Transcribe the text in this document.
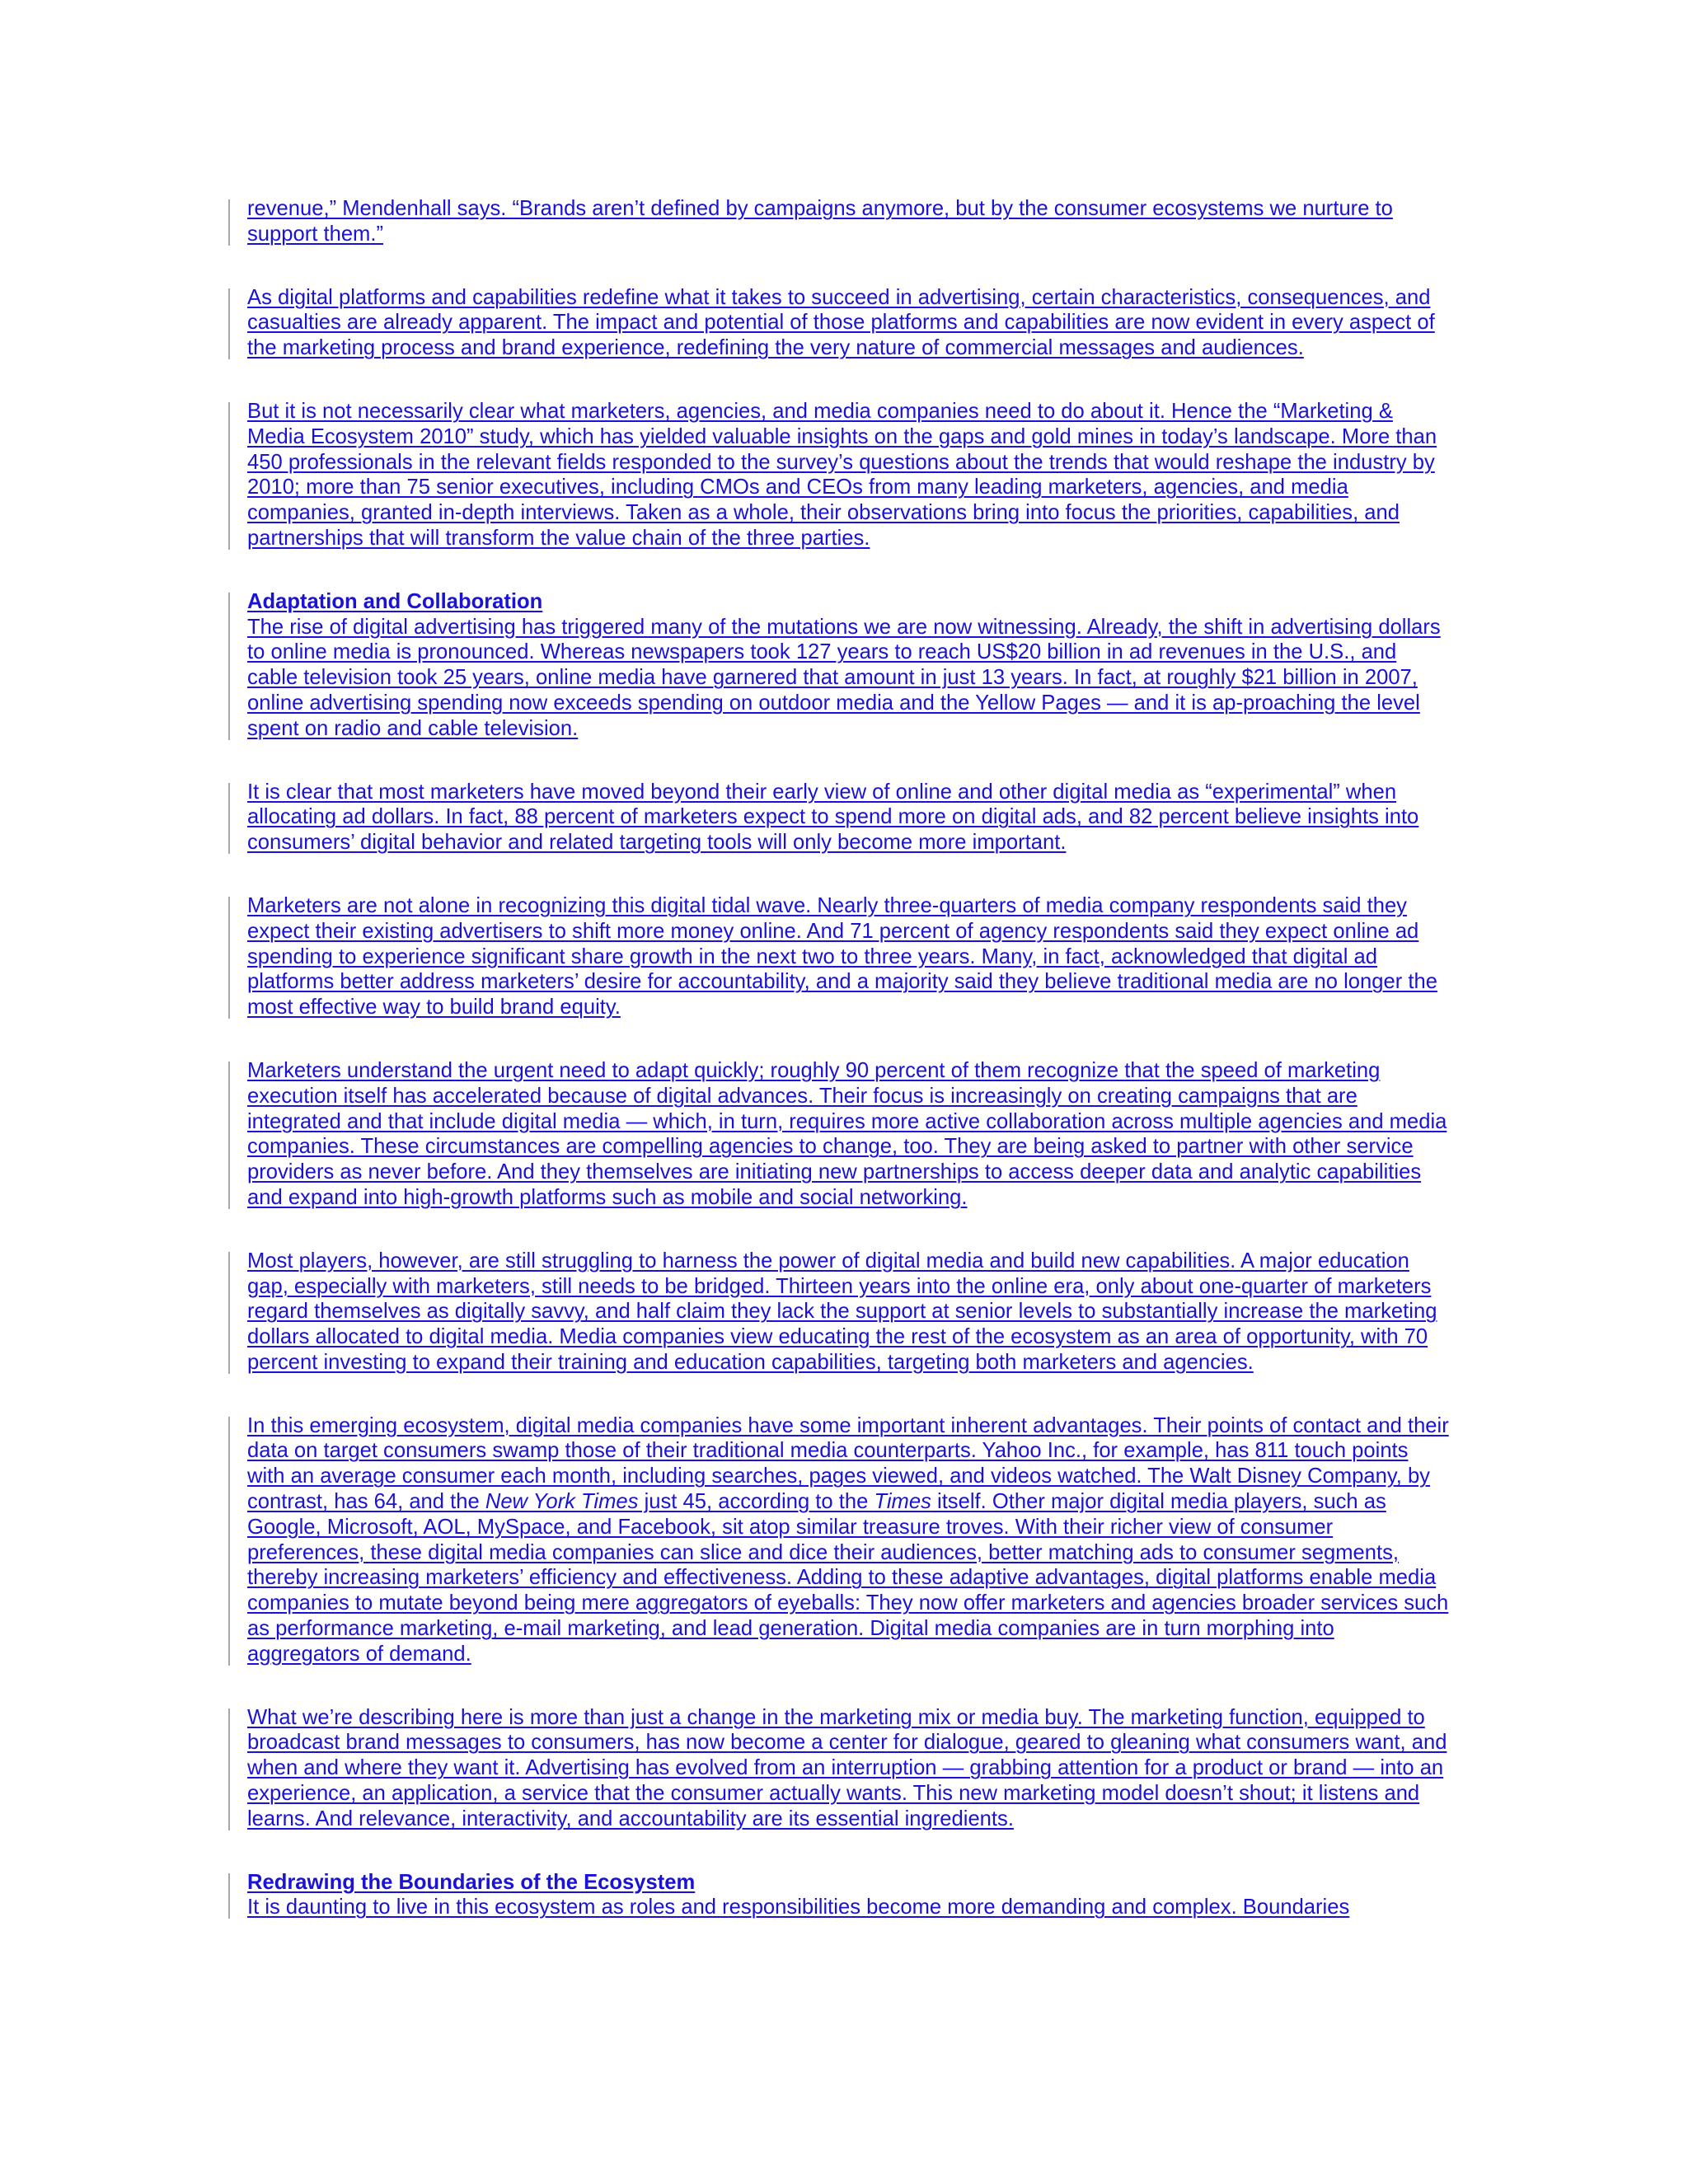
revenue,” Mendenhall says. “Brands aren’t defined by campaigns anymore, but by the consumer ecosystems we nurture to support them.”

As digital platforms and capabilities redefine what it takes to succeed in advertising, certain characteristics, consequences, and casualties are already apparent. The impact and potential of those platforms and capabilities are now evident in every aspect of the marketing process and brand experience, redefining the very nature of commercial messages and audiences.

But it is not necessarily clear what marketers, agencies, and media companies need to do about it. Hence the “Marketing & Media Ecosystem 2010” study, which has yielded valuable insights on the gaps and gold mines in today’s landscape. More than 450 professionals in the relevant fields responded to the survey’s questions about the trends that would reshape the industry by 2010; more than 75 senior executives, including CMOs and CEOs from many leading marketers, agencies, and media companies, granted in-depth interviews. Taken as a whole, their observations bring into focus the priorities, capabilities, and partnerships that will transform the value chain of the three parties.

Adaptation and Collaboration

The rise of digital advertising has triggered many of the mutations we are now witnessing. Already, the shift in advertising dollars to online media is pronounced. Whereas newspapers took 127 years to reach US$20 billion in ad revenues in the U.S., and cable television took 25 years, online media have garnered that amount in just 13 years. In fact, at roughly $21 billion in 2007, online advertising spending now exceeds spending on outdoor media and the Yellow Pages — and it is ap-proaching the level spent on radio and cable television.

It is clear that most marketers have moved beyond their early view of online and other digital media as “experimental” when allocating ad dollars. In fact, 88 percent of marketers expect to spend more on digital ads, and 82 percent believe insights into consumers’ digital behavior and related targeting tools will only become more important.

Marketers are not alone in recognizing this digital tidal wave. Nearly three-quarters of media company respondents said they expect their existing advertisers to shift more money online. And 71 percent of agency respondents said they expect online ad spending to experience significant share growth in the next two to three years. Many, in fact, acknowledged that digital ad platforms better address marketers’ desire for accountability, and a majority said they believe traditional media are no longer the most effective way to build brand equity.

Marketers understand the urgent need to adapt quickly; roughly 90 percent of them recognize that the speed of marketing execution itself has accelerated because of digital advances. Their focus is increasingly on creating campaigns that are integrated and that include digital media — which, in turn, requires more active collaboration across multiple agencies and media companies. These circumstances are compelling agencies to change, too. They are being asked to partner with other service providers as never before. And they themselves are initiating new partnerships to access deeper data and analytic capabilities and expand into high-growth platforms such as mobile and social networking.

Most players, however, are still struggling to harness the power of digital media and build new capabilities. A major education gap, especially with marketers, still needs to be bridged. Thirteen years into the online era, only about one-quarter of marketers regard themselves as digitally savvy, and half claim they lack the support at senior levels to substantially increase the marketing dollars allocated to digital media. Media companies view educating the rest of the ecosystem as an area of opportunity, with 70 percent investing to expand their training and education capabilities, targeting both marketers and agencies.

In this emerging ecosystem, digital media companies have some important inherent advantages. Their points of contact and their data on target consumers swamp those of their traditional media counterparts. Yahoo Inc., for example, has 811 touch points with an average consumer each month, including searches, pages viewed, and videos watched. The Walt Disney Company, by contrast, has 64, and the New York Times just 45, according to the Times itself. Other major digital media players, such as Google, Microsoft, AOL, MySpace, and Facebook, sit atop similar treasure troves. With their richer view of consumer preferences, these digital media companies can slice and dice their audiences, better matching ads to consumer segments, thereby increasing marketers’ efficiency and effectiveness. Adding to these adaptive advantages, digital platforms enable media companies to mutate beyond being mere aggregators of eyeballs: They now offer marketers and agencies broader services such as performance marketing, e-mail marketing, and lead generation. Digital media companies are in turn morphing into aggregators of demand.

What we’re describing here is more than just a change in the marketing mix or media buy. The marketing function, equipped to broadcast brand messages to consumers, has now become a center for dialogue, geared to gleaning what consumers want, and when and where they want it. Advertising has evolved from an interruption — grabbing attention for a product or brand — into an experience, an application, a service that the consumer actually wants. This new marketing model doesn’t shout; it listens and learns. And relevance, interactivity, and accountability are its essential ingredients.

Redrawing the Boundaries of the Ecosystem

It is daunting to live in this ecosystem as roles and responsibilities become more demanding and complex. Boundaries
